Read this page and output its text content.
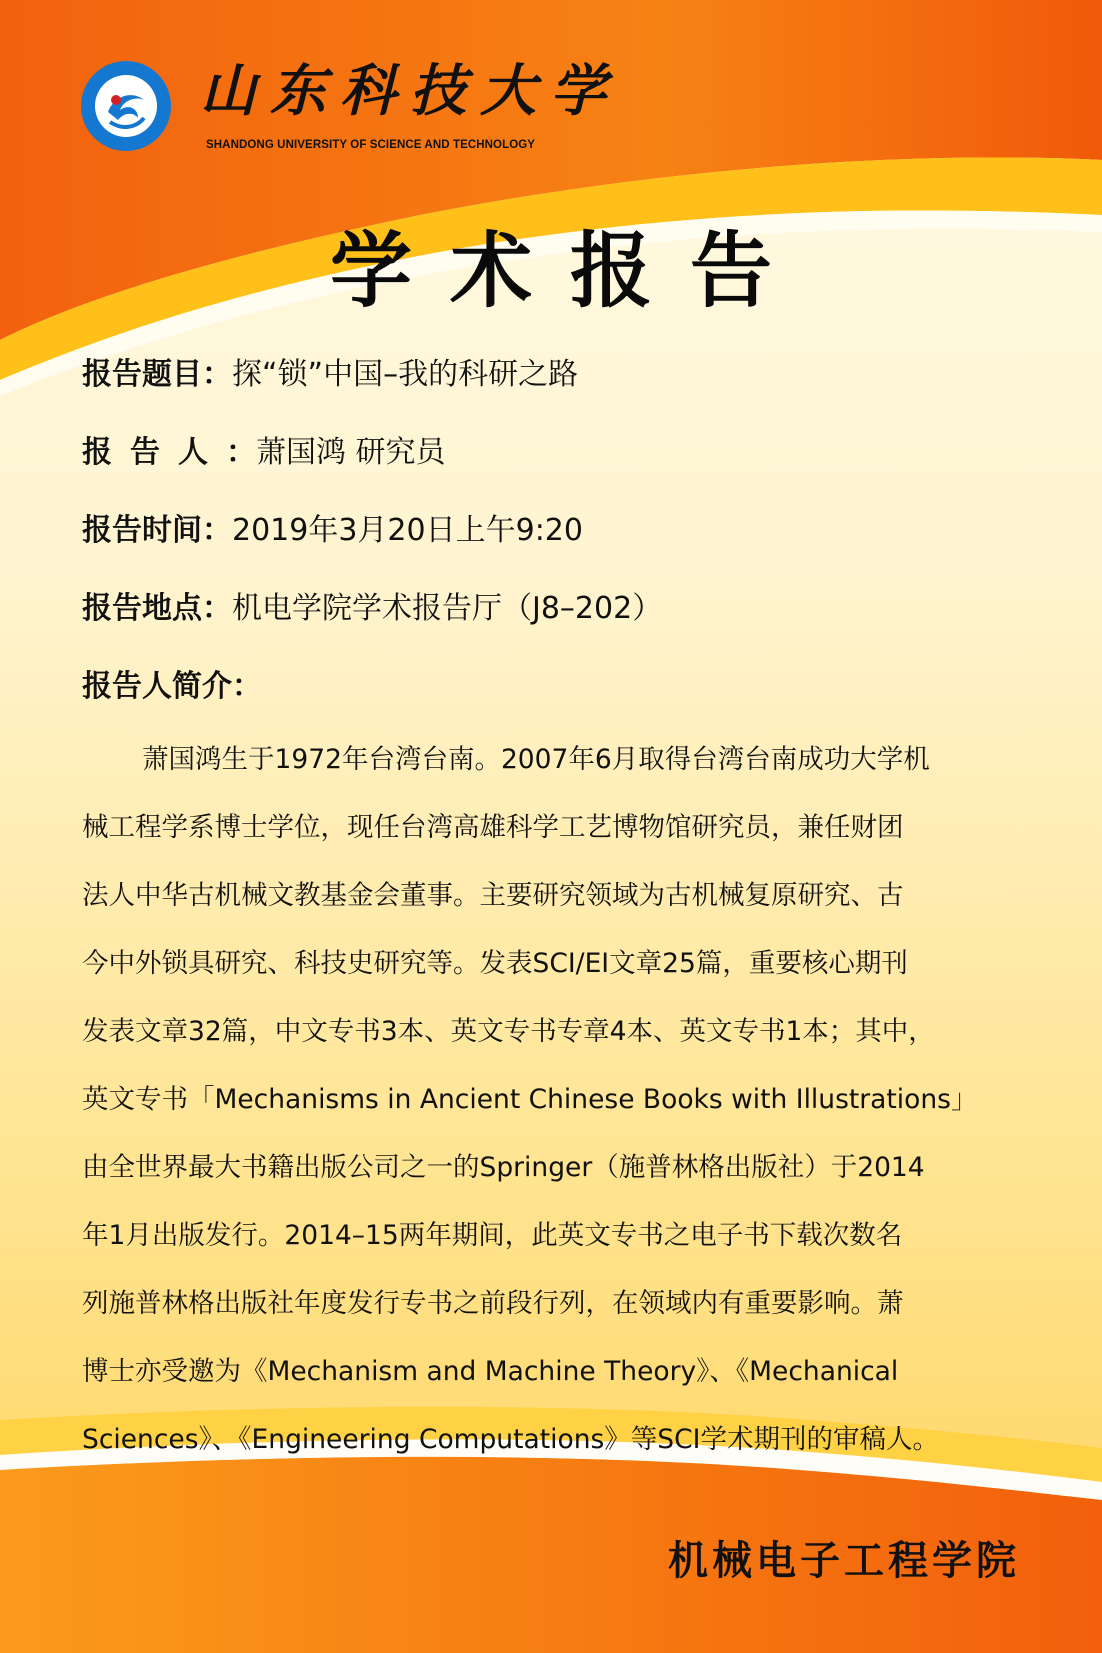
山东科技大学
SHANDONG UNIVERSITY OF SCIENCE AND TECHNOLOGY
学术报告
报告题目：探“锁”中国–我的科研之路
报告人：萧国鸿 研究员
报告时间：2019年3月20日上午9:20
报告地点：机电学院学术报告厅（J8–202）
报告人简介：
萧国鸿生于1972年台湾台南。2007年6月取得台湾台南成功大学机
械工程学系博士学位，现任台湾高雄科学工艺博物馆研究员，兼任财团
法人中华古机械文教基金会董事。主要研究领域为古机械复原研究、古
今中外锁具研究、科技史研究等。发表SCI/EI文章25篇，重要核心期刊
发表文章32篇，中文专书3本、英文专书专章4本、英文专书1本；其中，
英文专书「Mechanisms in Ancient Chinese Books with Illustrations」
由全世界最大书籍出版公司之一的Springer（施普林格出版社）于2014
年1月出版发行。2014–15两年期间，此英文专书之电子书下载次数名
列施普林格出版社年度发行专书之前段行列，在领域内有重要影响。萧
博士亦受邀为《Mechanism and Machine Theory》、《Mechanical
Sciences》、《Engineering Computations》等SCI学术期刊的审稿人。
机械电子工程学院
